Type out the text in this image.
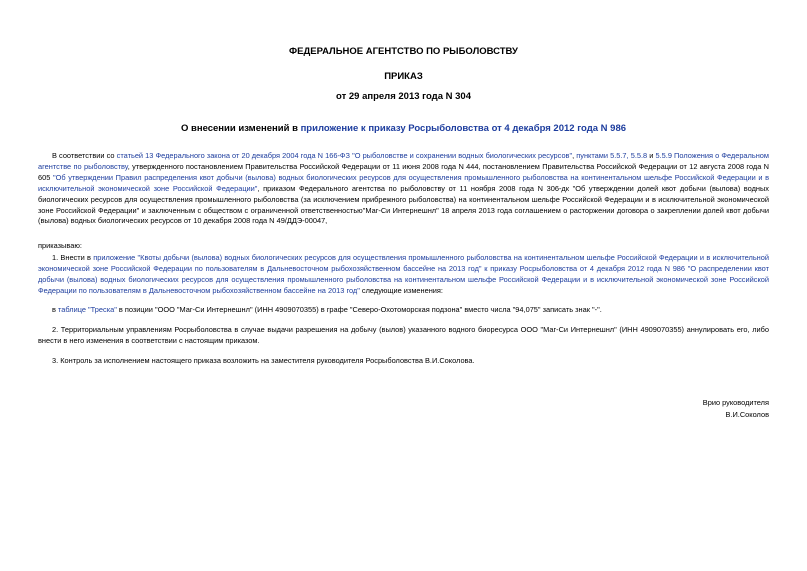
ФЕДЕРАЛЬНОЕ АГЕНТСТВО ПО РЫБОЛОВСТВУ
ПРИКАЗ
от 29 апреля 2013 года N 304
О внесении изменений в приложение к приказу Росрыболовства от 4 декабря 2012 года N 986
В соответствии со статьей 13 Федерального закона от 20 декабря 2004 года N 166-ФЗ "О рыболовстве и сохранении водных биологических ресурсов", пунктами 5.5.7, 5.5.8 и 5.5.9 Положения о Федеральном агентстве по рыболовству, утвержденного постановлением Правительства Российской Федерации от 11 июня 2008 года N 444, постановлением Правительства Российской Федерации от 12 августа 2008 года N 605 "Об утверждении Правил распределения квот добычи (вылова) водных биологических ресурсов для осуществления промышленного рыболовства на континентальном шельфе Российской Федерации и в исключительной экономической зоне Российской Федерации", приказом Федерального агентства по рыболовству от 11 ноября 2008 года N 306-дк "Об утверждении долей квот добычи (вылова) водных биологических ресурсов для осуществления промышленного рыболовства (за исключением прибрежного рыболовства) на континентальном шельфе Российской Федерации и в исключительной экономической зоне Российской Федерации" и заключенным с обществом с ограниченной ответственностью"Маг-Си Интернешнл" 18 апреля 2013 года соглашением о расторжении договора о закреплении долей квот добычи (вылова) водных биологических ресурсов от 10 декабря 2008 года N 49/ДДЭ-00047,
приказываю:
1. Внести в приложение "Квоты добычи (вылова) водных биологических ресурсов для осуществления промышленного рыболовства на континентальном шельфе Российской Федерации и в исключительной экономической зоне Российской Федерации по пользователям в Дальневосточном рыбохозяйственном бассейне на 2013 год" к приказу Росрыболовства от 4 декабря 2012 года N 986 "О распределении квот добычи (вылова) водных биологических ресурсов для осуществления промышленного рыболовства на континентальном шельфе Российской Федерации и в исключительной экономической зоне Российской Федерации по пользователям в Дальневосточном рыбохозяйственном бассейне на 2013 год" следующие изменения:
в таблице "Треска" в позиции "ООО "Маг-Си Интернешнл" (ИНН 4909070355) в графе "Северо-Охотоморская подзона" вместо числа "94,075" записать знак "-".
2. Территориальным управлениям Росрыболовства в случае выдачи разрешения на добычу (вылов) указанного водного биоресурса ООО "Маг-Си Интернешнл" (ИНН 4909070355) аннулировать его, либо внести в него изменения в соответствии с настоящим приказом.
3. Контроль за исполнением настоящего приказа возложить на заместителя руководителя Росрыболовства В.И.Соколова.
Врио руководителя
В.И.Соколов
